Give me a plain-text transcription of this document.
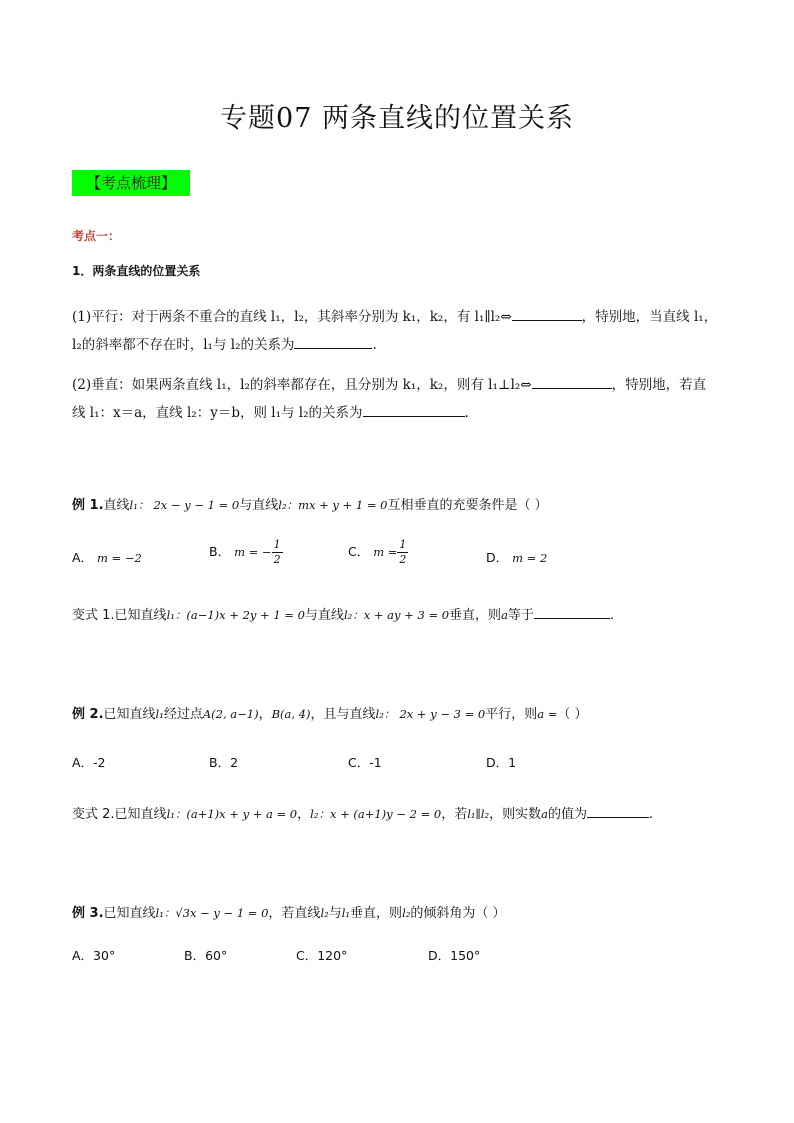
专题07 两条直线的位置关系
【考点梳理】
考点一：
1．两条直线的位置关系
(1)平行：对于两条不重合的直线 l₁，l₂，其斜率分别为 k₁，k₂，有 l₁∥l₂⇔	，特别地，当直线 l₁，
l₂的斜率都不存在时，l₁与 l₂的关系为	.
(2)垂直：如果两条直线 l₁，l₂的斜率都存在，且分别为 k₁，k₂，则有 l₁⊥l₂⇔	，特别地，若直
线 l₁：x＝a，直线 l₂：y＝b，则 l₁与 l₂的关系为	.
例 1.直线l₁： 2x − y − 1 = 0与直线l₂：mx + y + 1 = 0互相垂直的充要条件是（ ）
A． m = −2	B． m = − $\frac{1}{2}$	C． $m = \frac{1}{2}$	D． m = 2
变式 1.已知直线l₁：(a−1)x + 2y + 1 = 0与直线l₂：x + ay + 3 = 0垂直，则a等于	.
例 2.已知直线l₁经过点A(2, a−1)，B(a, 4)，且与直线l₂： 2x + y − 3 = 0平行，则a =（ ）
A．-2	B．2	C．-1	D．1
变式 2.已知直线l₁：(a+1)x + y + a = 0，l₂：x + (a+1)y − 2 = 0，若l₁∥l₂，则实数a的值为	.
例 3.已知直线l₁：√3x − y − 1 = 0，若直线l₂与l₁垂直，则l₂的倾斜角为（ ）
A．30°	B．60°	C．120°	D．150°
